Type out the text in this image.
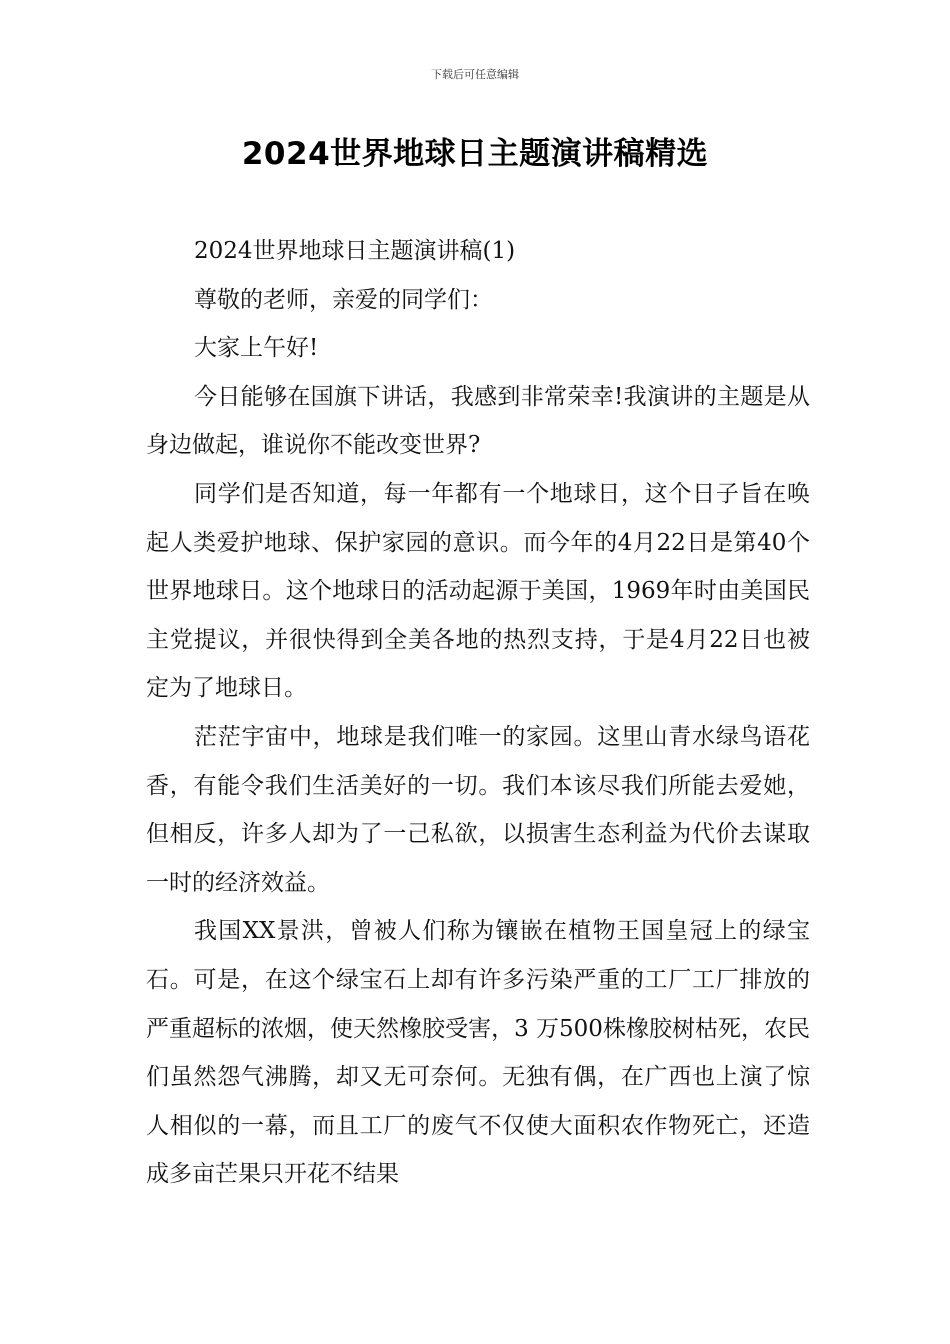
下载后可任意编辑
2024世界地球日主题演讲稿精选

2024世界地球日主题演讲稿(1)

尊敬的老师，亲爱的同学们：

大家上午好!

今日能够在国旗下讲话，我感到非常荣幸!我演讲的主题是从身边做起，谁说你不能改变世界?

同学们是否知道，每一年都有一个地球日，这个日子旨在唤起人类爱护地球、保护家园的意识。而今年的4月22日是第40个世界地球日。这个地球日的活动起源于美国，1969年时由美国民主党提议，并很快得到全美各地的热烈支持，于是4月22日也被定为了地球日。

茫茫宇宙中，地球是我们唯一的家园。这里山青水绿鸟语花香，有能令我们生活美好的一切。我们本该尽我们所能去爱她，但相反，许多人却为了一己私欲，以损害生态利益为代价去谋取一时的经济效益。

我国XX景洪，曾被人们称为镶嵌在植物王国皇冠上的绿宝石。可是，在这个绿宝石上却有许多污染严重的工厂工厂排放的严重超标的浓烟，使天然橡胶受害，3 万500株橡胶树枯死，农民们虽然怨气沸腾，却又无可奈何。无独有偶，在广西也上演了惊人相似的一幕，而且工厂的废气不仅使大面积农作物死亡，还造成多亩芒果只开花不结果
